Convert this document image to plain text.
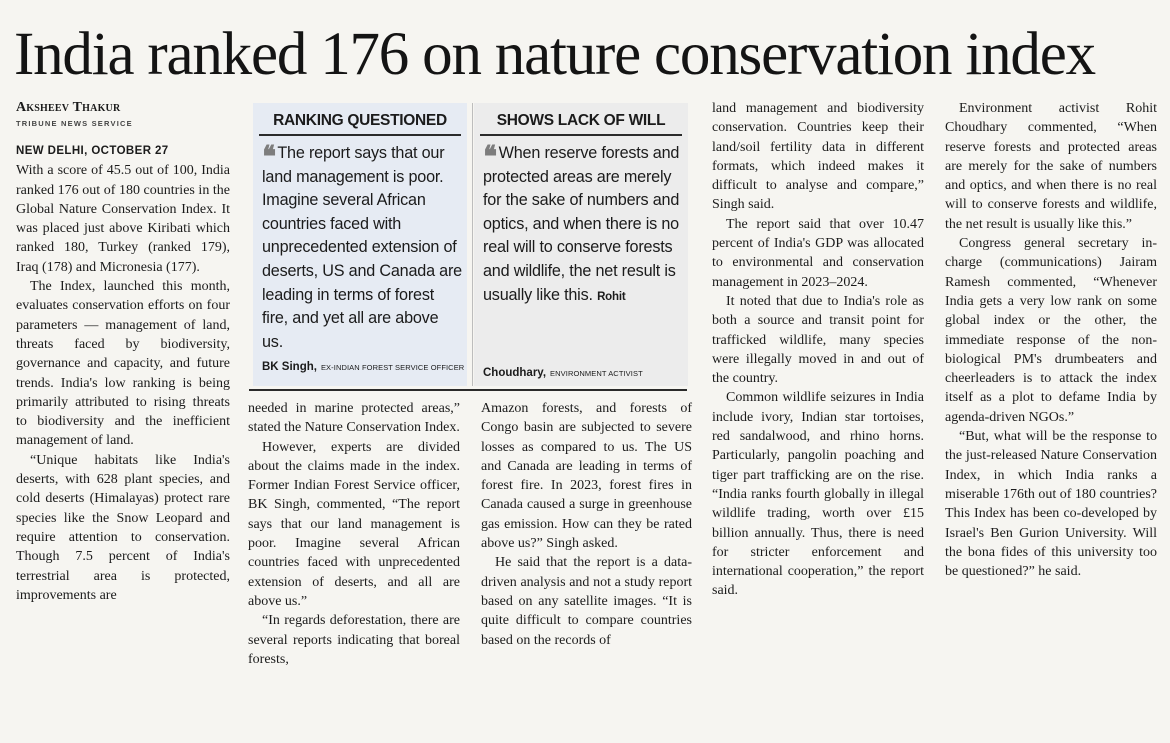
India ranked 176 on nature conservation index
Aksheev Thakur
TRIBUNE NEWS SERVICE
NEW DELHI, OCTOBER 27

With a score of 45.5 out of 100, India ranked 176 out of 180 countries in the Global Nature Conservation Index. It was placed just above Kiribati which ranked 180, Turkey (ranked 179), Iraq (178) and Micronesia (177).

The Index, launched this month, evaluates conservation efforts on four parameters — management of land, threats faced by biodiversity, governance and capacity, and future trends. India's low ranking is being primarily attributed to rising threats to biodiversity and the inefficient management of land.

“Unique habitats like India's deserts, with 628 plant species, and cold deserts (Himalayas) protect rare species like the Snow Leopard and require attention to conservation. Though 7.5 percent of India's terrestrial area is protected, improvements are

RANKING QUESTIONED
❛❛ The report says that our land management is poor. Imagine several African countries faced with unprecedented extension of deserts, US and Canada are leading in terms of forest fire, and yet all are above us.
BK Singh, EX-INDIAN FOREST SERVICE OFFICER
SHOWS LACK OF WILL
❛❛ When reserve forests and protected areas are merely for the sake of numbers and optics, and when there is no real will to conserve forests and wildlife, the net result is usually like this. Rohit
Choudhary, ENVIRONMENT ACTIVIST

needed in marine protected areas,” stated the Nature Conservation Index.

However, experts are divided about the claims made in the index. Former Indian Forest Service officer, BK Singh, commented, “The report says that our land management is poor. Imagine several African countries faced with unprecedented extension of deserts, and all are above us.”

“In regards deforestation, there are several reports indicating that boreal forests,

Amazon forests, and forests of Congo basin are subjected to severe losses as compared to us. The US and Canada are leading in terms of forest fire. In 2023, forest fires in Canada caused a surge in greenhouse gas emission. How can they be rated above us?” Singh asked.

He said that the report is a data-driven analysis and not a study report based on any satellite images. “It is quite difficult to compare countries based on the records of

land management and biodiversity conservation. Countries keep their land/soil fertility data in different formats, which indeed makes it difficult to analyse and compare,” Singh said.

The report said that over 10.47 percent of India's GDP was allocated to environmental and conservation management in 2023–2024.

It noted that due to India's role as both a source and transit point for trafficked wildlife, many species were illegally moved in and out of the country.

Common wildlife seizures in India include ivory, Indian star tortoises, red sandalwood, and rhino horns. Particularly, pangolin poaching and tiger part trafficking are on the rise. “India ranks fourth globally in illegal wildlife trading, worth over £15 billion annually. Thus, there is need for stricter enforcement and international cooperation,” the report said.

Environment activist Rohit Choudhary commented, “When reserve forests and protected areas are merely for the sake of numbers and optics, and when there is no real will to conserve forests and wildlife, the net result is usually like this.”

Congress general secretary in-charge (communications) Jairam Ramesh commented, “Whenever India gets a very low rank on some global index or the other, the immediate response of the non-biological PM's drumbeaters and cheerleaders is to attack the index itself as a plot to defame India by agenda-driven NGOs.”

“But, what will be the response to the just-released Nature Conservation Index, in which India ranks a miserable 176th out of 180 countries? This Index has been co-developed by Israel's Ben Gurion University. Will the bona fides of this university too be questioned?” he said.
